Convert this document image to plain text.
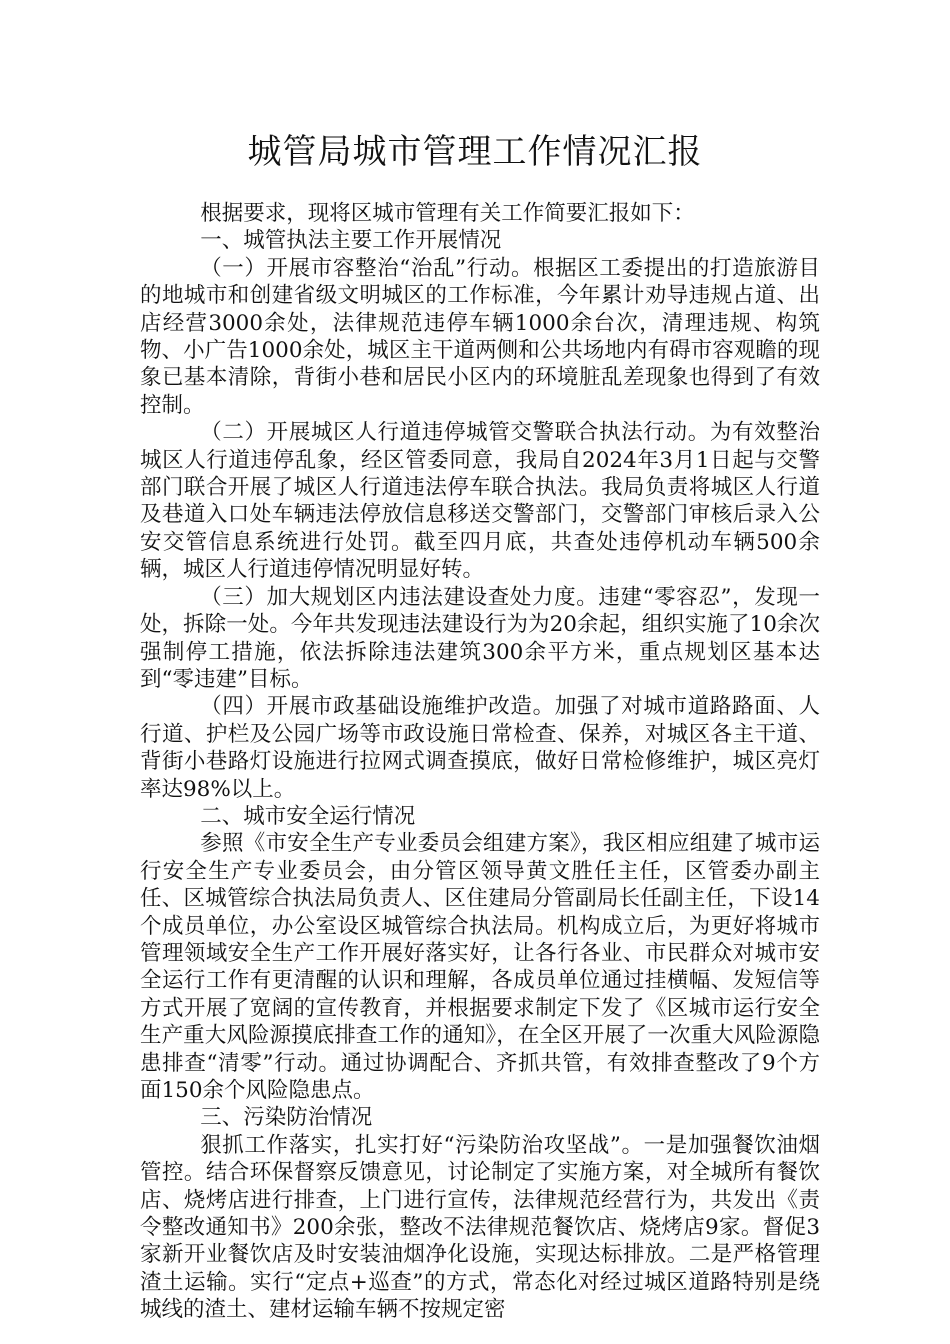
城管局城市管理工作情况汇报

根据要求，现将区城市管理有关工作简要汇报如下：

一、城管执法主要工作开展情况

（一）开展市容整治“治乱”行动。根据区工委提出的打造旅游目的地城市和创建省级文明城区的工作标准，今年累计劝导违规占道、出店经营3000余处，法律规范违停车辆1000余台次，清理违规、构筑物、小广告1000余处，城区主干道两侧和公共场地内有碍市容观瞻的现象已基本清除，背街小巷和居民小区内的环境脏乱差现象也得到了有效控制。

（二）开展城区人行道违停城管交警联合执法行动。为有效整治城区人行道违停乱象，经区管委同意，我局自2024年3月1日起与交警部门联合开展了城区人行道违法停车联合执法。我局负责将城区人行道及巷道入口处车辆违法停放信息移送交警部门，交警部门审核后录入公安交管信息系统进行处罚。截至四月底，共查处违停机动车辆500余辆，城区人行道违停情况明显好转。

（三）加大规划区内违法建设查处力度。违建“零容忍”，发现一处，拆除一处。今年共发现违法建设行为为20余起，组织实施了10余次强制停工措施，依法拆除违法建筑300余平方米，重点规划区基本达到“零违建”目标。

（四）开展市政基础设施维护改造。加强了对城市道路路面、人行道、护栏及公园广场等市政设施日常检查、保养，对城区各主干道、背街小巷路灯设施进行拉网式调查摸底，做好日常检修维护，城区亮灯率达98%以上。

二、城市安全运行情况

参照《市安全生产专业委员会组建方案》，我区相应组建了城市运行安全生产专业委员会，由分管区领导黄文胜任主任，区管委办副主任、区城管综合执法局负责人、区住建局分管副局长任副主任，下设14个成员单位，办公室设区城管综合执法局。机构成立后，为更好将城市管理领域安全生产工作开展好落实好，让各行各业、市民群众对城市安全运行工作有更清醒的认识和理解，各成员单位通过挂横幅、发短信等方式开展了宽阔的宣传教育，并根据要求制定下发了《区城市运行安全生产重大风险源摸底排查工作的通知》，在全区开展了一次重大风险源隐患排查“清零”行动。通过协调配合、齐抓共管，有效排查整改了9个方面150余个风险隐患点。

三、污染防治情况

狠抓工作落实，扎实打好“污染防治攻坚战”。一是加强餐饮油烟管控。结合环保督察反馈意见，讨论制定了实施方案，对全城所有餐饮店、烧烤店进行排查，上门进行宣传，法律规范经营行为，共发出《责令整改通知书》200余张，整改不法律规范餐饮店、烧烤店9家。督促3家新开业餐饮店及时安装油烟净化设施，实现达标排放。二是严格管理渣土运输。实行“定点+巡查”的方式，常态化对经过城区道路特别是绕城线的渣土、建材运输车辆不按规定密
